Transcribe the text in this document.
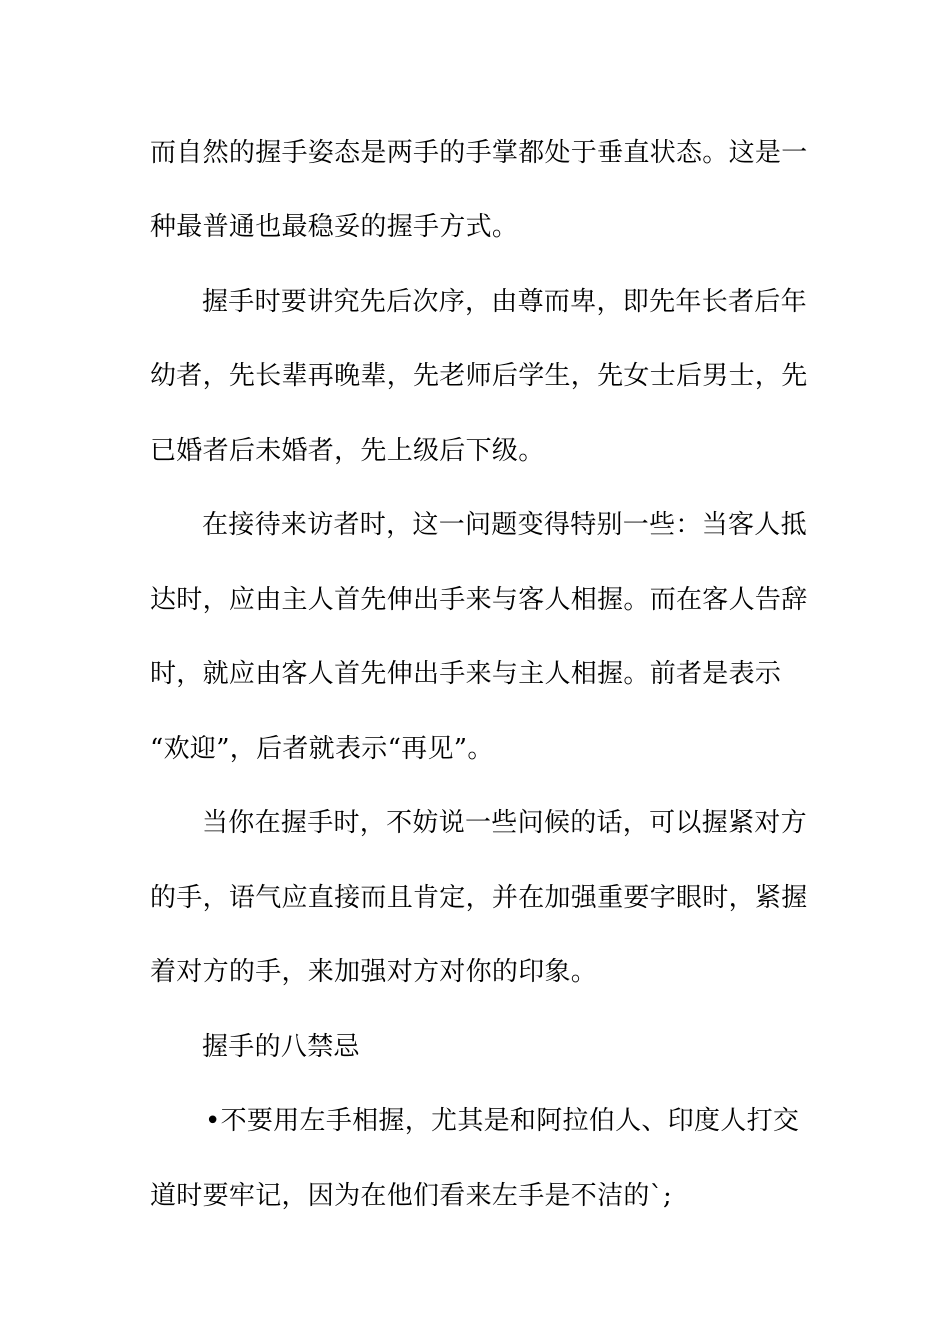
而自然的握手姿态是两手的手掌都处于垂直状态。这是一
种最普通也最稳妥的握手方式。
握手时要讲究先后次序，由尊而卑，即先年长者后年
幼者，先长辈再晚辈，先老师后学生，先女士后男士，先
已婚者后未婚者，先上级后下级。
在接待来访者时，这一问题变得特别一些：当客人抵
达时，应由主人首先伸出手来与客人相握。而在客人告辞
时，就应由客人首先伸出手来与主人相握。前者是表示
“欢迎”，后者就表示“再见”。
当你在握手时，不妨说一些问候的话，可以握紧对方
的手，语气应直接而且肯定，并在加强重要字眼时，紧握
着对方的手，来加强对方对你的印象。
握手的八禁忌
•不要用左手相握，尤其是和阿拉伯人、印度人打交
道时要牢记，因为在他们看来左手是不洁的`;
